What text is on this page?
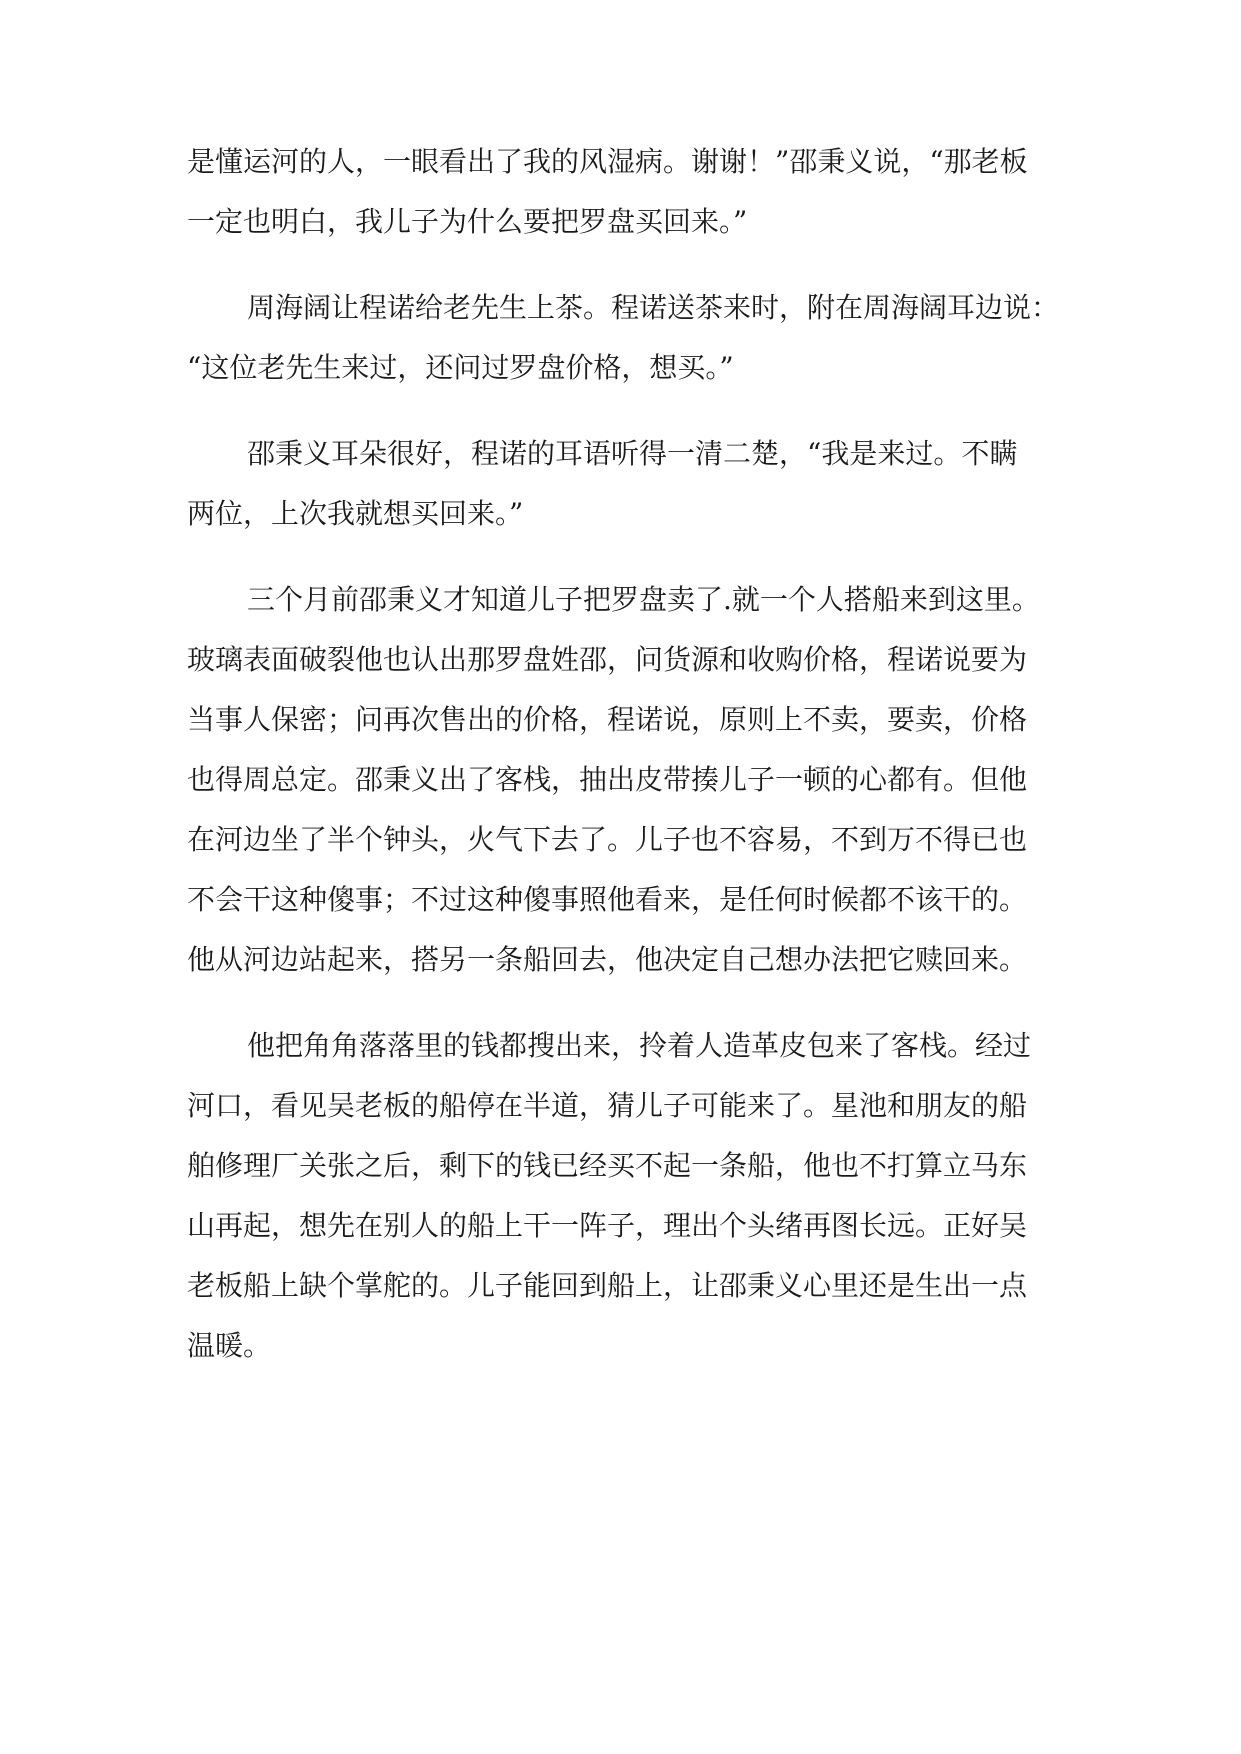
是懂运河的人，一眼看出了我的风湿病。谢谢！”邵秉义说，“那老板
一定也明白，我儿子为什么要把罗盘买回来。”
周海阔让程诺给老先生上茶。程诺送茶来时，附在周海阔耳边说：
“这位老先生来过，还问过罗盘价格，想买。”
邵秉义耳朵很好，程诺的耳语听得一清二楚，“我是来过。不瞒
两位，上次我就想买回来。”
三个月前邵秉义才知道儿子把罗盘卖了.就一个人搭船来到这里。
玻璃表面破裂他也认出那罗盘姓邵，问货源和收购价格，程诺说要为
当事人保密；问再次售出的价格，程诺说，原则上不卖，要卖，价格
也得周总定。邵秉义出了客栈，抽出皮带揍儿子一顿的心都有。但他
在河边坐了半个钟头，火气下去了。儿子也不容易，不到万不得已也
不会干这种傻事；不过这种傻事照他看来，是任何时候都不该干的。
他从河边站起来，搭另一条船回去，他决定自己想办法把它赎回来。
他把角角落落里的钱都搜出来，拎着人造革皮包来了客栈。经过
河口，看见吴老板的船停在半道，猜儿子可能来了。星池和朋友的船
舶修理厂关张之后，剩下的钱已经买不起一条船，他也不打算立马东
山再起，想先在别人的船上干一阵子，理出个头绪再图长远。正好吴
老板船上缺个掌舵的。儿子能回到船上，让邵秉义心里还是生出一点
温暖。
